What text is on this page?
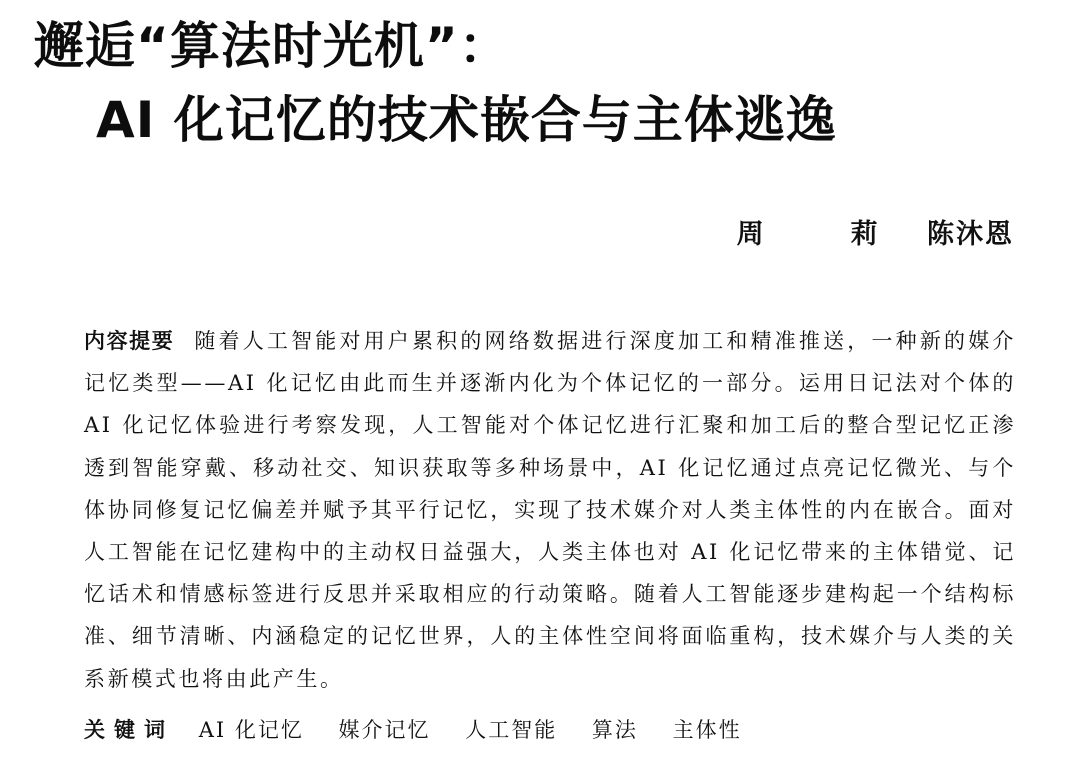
邂逅“算法时光机”：
AI 化记忆的技术嵌合与主体逃逸
周　莉 陈沐恩

内容提要 随着人工智能对用户累积的网络数据进行深度加工和精准推送，一种新的媒介记忆类型——AI 化记忆由此而生并逐渐内化为个体记忆的一部分。运用日记法对个体的 AI 化记忆体验进行考察发现，人工智能对个体记忆进行汇聚和加工后的整合型记忆正渗透到智能穿戴、移动社交、知识获取等多种场景中，AI 化记忆通过点亮记忆微光、与个体协同修复记忆偏差并赋予其平行记忆，实现了技术媒介对人类主体性的内在嵌合。面对人工智能在记忆建构中的主动权日益强大，人类主体也对 AI 化记忆带来的主体错觉、记忆话术和情感标签进行反思并采取相应的行动策略。随着人工智能逐步建构起一个结构标准、细节清晰、内涵稳定的记忆世界，人的主体性空间将面临重构，技术媒介与人类的关系新模式也将由此产生。

关键词 AI 化记忆 媒介记忆 人工智能 算法 主体性
